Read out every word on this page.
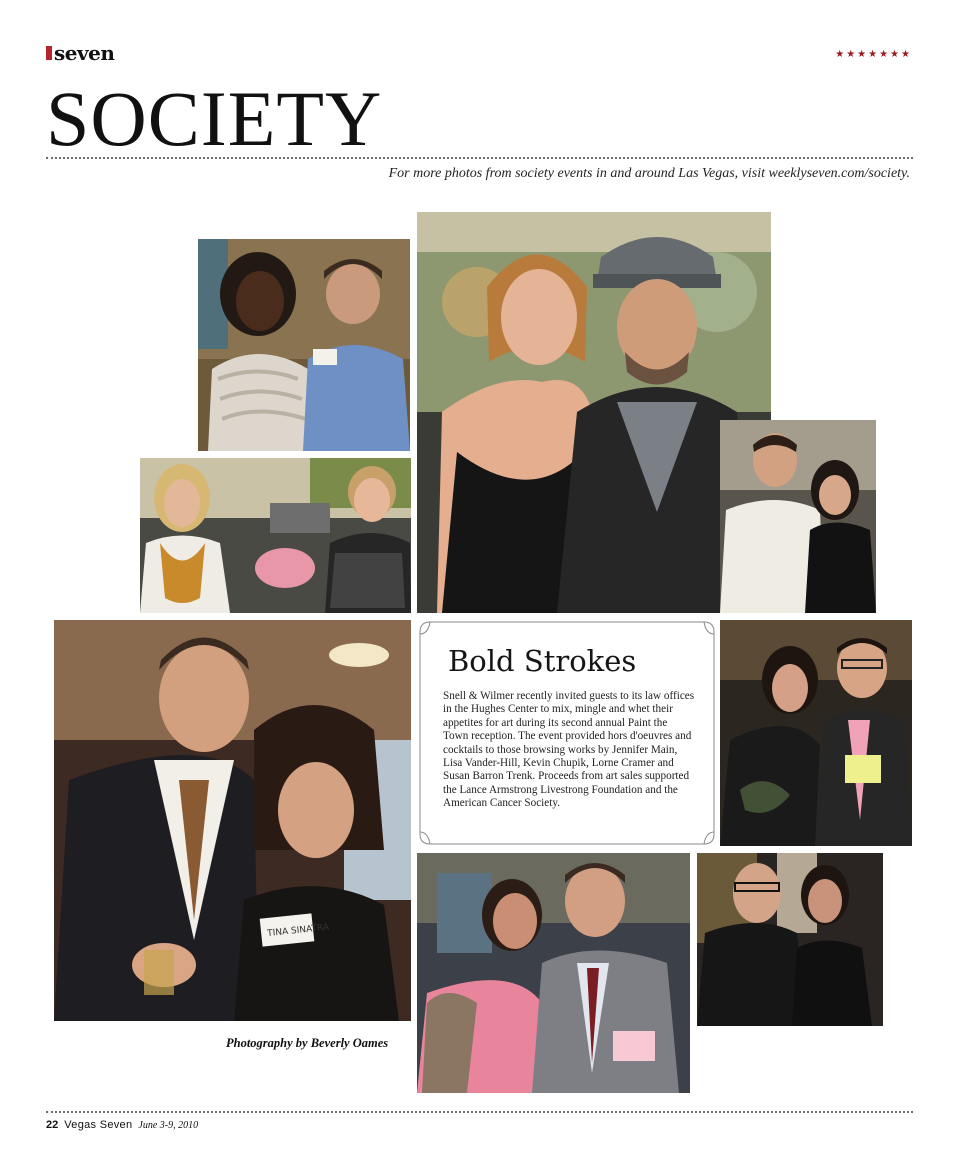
seven	★★★★★★★
SOCIETY
For more photos from society events in and around Las Vegas, visit weeklyseven.com/society.
TINA SINATRA
Bold Strokes
Snell & Wilmer recently invited guests to its law offices in the Hughes Center to mix, mingle and whet their appetites for art during its second annual Paint the Town reception. The event provided hors d'oeuvres and cocktails to those browsing works by Jennifer Main, Lisa Vander-Hill, Kevin Chupik, Lorne Cramer and Susan Barron Trenk. Proceeds from art sales supported the Lance Armstrong Livestrong Foundation and the American Cancer Society.
Photography by Beverly Oames
22 Vegas Seven June 3-9, 2010
